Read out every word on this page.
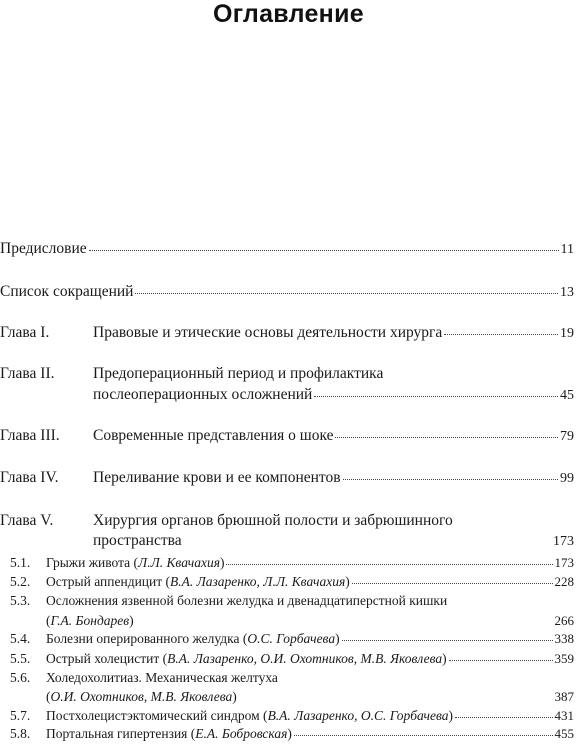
Оглавление
Предисловие	11
Список сокращений	13
Глава I.	Правовые и этические основы деятельности хирурга	19
Глава II.	Предоперационный период и профилактика
послеоперационных осложнений	45
Глава III.	Современные представления о шоке	79
Глава IV.	Переливание крови и ее компонентов	99
Глава V.	Хирургия органов брюшной полости и забрюшинного
пространства	173
5.1.	Грыжи живота (Л.Л. Квачахия)	173
5.2.	Острый аппендицит (В.А. Лазаренко, Л.Л. Квачахия)	228
5.3.	Осложнения язвенной болезни желудка и двенадцатиперстной кишки
(Г.А. Бондарев)	266
5.4.	Болезни оперированного желудка (О.С. Горбачева)	338
5.5.	Острый холецистит (В.А. Лазаренко, О.И. Охотников, М.В. Яковлева)	359
5.6.	Холедохолитиаз. Механическая желтуха
(О.И. Охотников, М.В. Яковлева)	387
5.7.	Постхолецистэктомический синдром (В.А. Лазаренко, О.С. Горбачева)	431
5.8.	Портальная гипертензия (Е.А. Бобровская)	455
